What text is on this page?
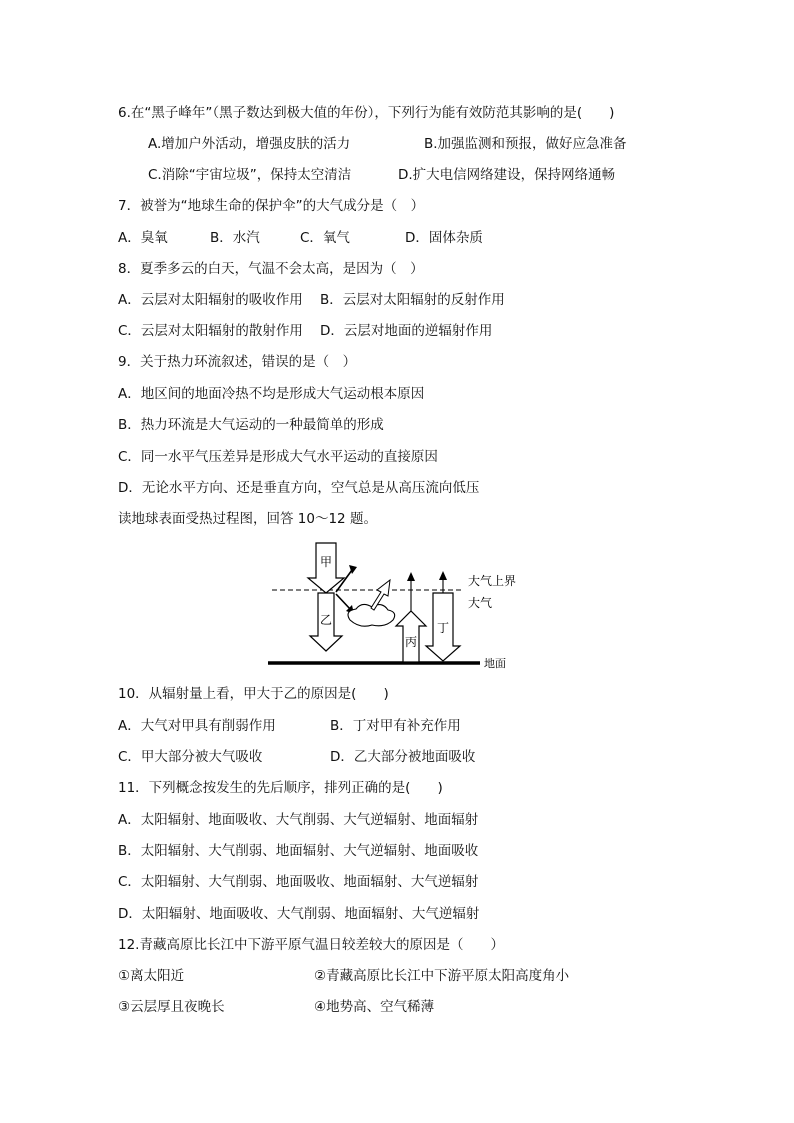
6.在“黑子峰年”（黑子数达到极大值的年份），下列行为能有效防范其影响的是(　　)
A.增加户外活动，增强皮肤的活力	B.加强监测和预报，做好应急准备
C.消除“宇宙垃圾”，保持太空清洁	D.扩大电信网络建设，保持网络通畅
7．被誉为“地球生命的保护伞”的大气成分是（　）
A．臭氧	B．水汽	C．氧气	D．固体杂质
8．夏季多云的白天，气温不会太高，是因为（　）
A．云层对太阳辐射的吸收作用 B．云层对太阳辐射的反射作用
C．云层对太阳辐射的散射作用 D．云层对地面的逆辐射作用
9．关于热力环流叙述，错误的是（　）
A．地区间的地面冷热不均是形成大气运动根本原因
B．热力环流是大气运动的一种最简单的形成
C．同一水平气压差异是形成大气水平运动的直接原因
D．无论水平方向、还是垂直方向，空气总是从高压流向低压
读地球表面受热过程图，回答 10～12 题。
甲
乙
丙
丁
大气上界
大气
地面
10．从辐射量上看，甲大于乙的原因是(　　)
A．大气对甲具有削弱作用	B．丁对甲有补充作用
C．甲大部分被大气吸收	D．乙大部分被地面吸收
11．下列概念按发生的先后顺序，排列正确的是(　　)
A．太阳辐射、地面吸收、大气削弱、大气逆辐射、地面辐射
B．太阳辐射、大气削弱、地面辐射、大气逆辐射、地面吸收
C．太阳辐射、大气削弱、地面吸收、地面辐射、大气逆辐射
D．太阳辐射、地面吸收、大气削弱、地面辐射、大气逆辐射
12.青藏高原比长江中下游平原气温日较差较大的原因是（　　）
①离太阳近	②青藏高原比长江中下游平原太阳高度角小
③云层厚且夜晚长	④地势高、空气稀薄
